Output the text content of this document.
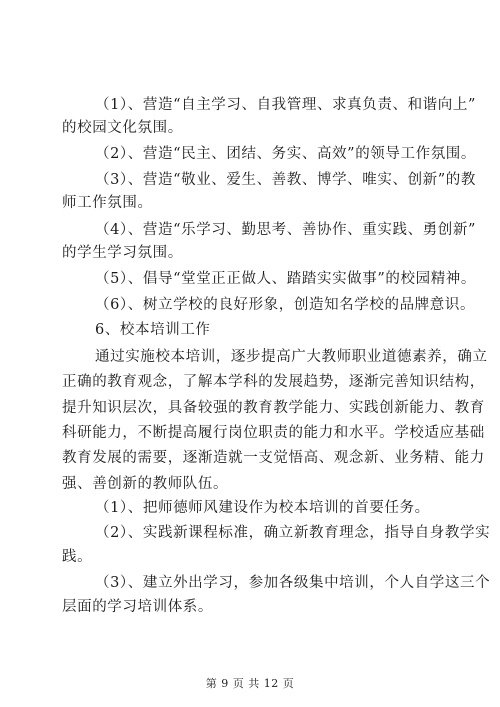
（1）、营造“自主学习、自我管理、求真负责、和谐向上”
的校园文化氛围。
（2）、营造“民主、团结、务实、高效”的领导工作氛围。
（3）、营造“敬业、爱生、善教、博学、唯实、创新”的教
师工作氛围。
（4）、营造“乐学习、勤思考、善协作、重实践、勇创新”
的学生学习氛围。
（5）、倡导“堂堂正正做人、踏踏实实做事”的校园精神。
（6）、树立学校的良好形象，创造知名学校的品牌意识。
6、校本培训工作
通过实施校本培训，逐步提高广大教师职业道德素养，确立
正确的教育观念，了解本学科的发展趋势，逐渐完善知识结构，
提升知识层次，具备较强的教育教学能力、实践创新能力、教育
科研能力，不断提高履行岗位职责的能力和水平。学校适应基础
教育发展的需要，逐渐造就一支觉悟高、观念新、业务精、能力
强、善创新的教师队伍。
（1）、把师德师风建设作为校本培训的首要任务。
（2）、实践新课程标准，确立新教育理念，指导自身教学实
践。
（3）、建立外出学习，参加各级集中培训，个人自学这三个
层面的学习培训体系。
第 9 页 共 12 页
